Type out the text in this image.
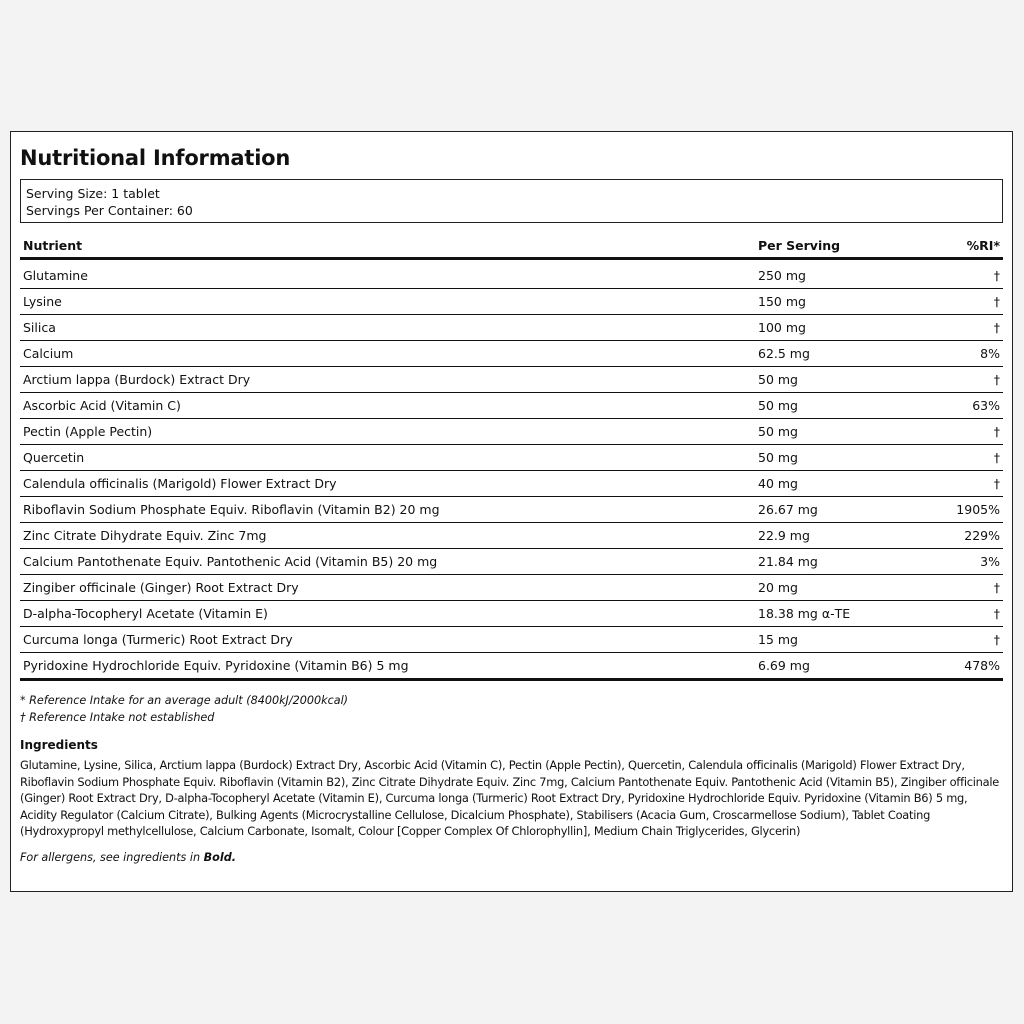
Nutritional Information
Serving Size: 1 tablet
Servings Per Container: 60
Nutrient	Per Serving	%RI*
Glutamine	250 mg	†
Lysine	150 mg	†
Silica	100 mg	†
Calcium	62.5 mg	8%
Arctium lappa (Burdock) Extract Dry	50 mg	†
Ascorbic Acid (Vitamin C)	50 mg	63%
Pectin (Apple Pectin)	50 mg	†
Quercetin	50 mg	†
Calendula officinalis (Marigold) Flower Extract Dry	40 mg	†
Riboflavin Sodium Phosphate Equiv. Riboflavin (Vitamin B2) 20 mg	26.67 mg	1905%
Zinc Citrate Dihydrate Equiv. Zinc 7mg	22.9 mg	229%
Calcium Pantothenate Equiv. Pantothenic Acid (Vitamin B5) 20 mg	21.84 mg	3%
Zingiber officinale (Ginger) Root Extract Dry	20 mg	†
D-alpha-Tocopheryl Acetate (Vitamin E)	18.38 mg α-TE	†
Curcuma longa (Turmeric) Root Extract Dry	15 mg	†
Pyridoxine Hydrochloride Equiv. Pyridoxine (Vitamin B6) 5 mg	6.69 mg	478%
* Reference Intake for an average adult (8400kJ/2000kcal)
† Reference Intake not established
Ingredients
Glutamine, Lysine, Silica, Arctium lappa (Burdock) Extract Dry, Ascorbic Acid (Vitamin C), Pectin (Apple Pectin), Quercetin, Calendula officinalis (Marigold) Flower Extract Dry, Riboflavin Sodium Phosphate Equiv. Riboflavin (Vitamin B2), Zinc Citrate Dihydrate Equiv. Zinc 7mg, Calcium Pantothenate Equiv. Pantothenic Acid (Vitamin B5), Zingiber officinale (Ginger) Root Extract Dry, D-alpha-Tocopheryl Acetate (Vitamin E), Curcuma longa (Turmeric) Root Extract Dry, Pyridoxine Hydrochloride Equiv. Pyridoxine (Vitamin B6) 5 mg, Acidity Regulator (Calcium Citrate), Bulking Agents (Microcrystalline Cellulose, Dicalcium Phosphate), Stabilisers (Acacia Gum, Croscarmellose Sodium), Tablet Coating (Hydroxypropyl methylcellulose, Calcium Carbonate, Isomalt, Colour [Copper Complex Of Chlorophyllin], Medium Chain Triglycerides, Glycerin)
For allergens, see ingredients in Bold.
